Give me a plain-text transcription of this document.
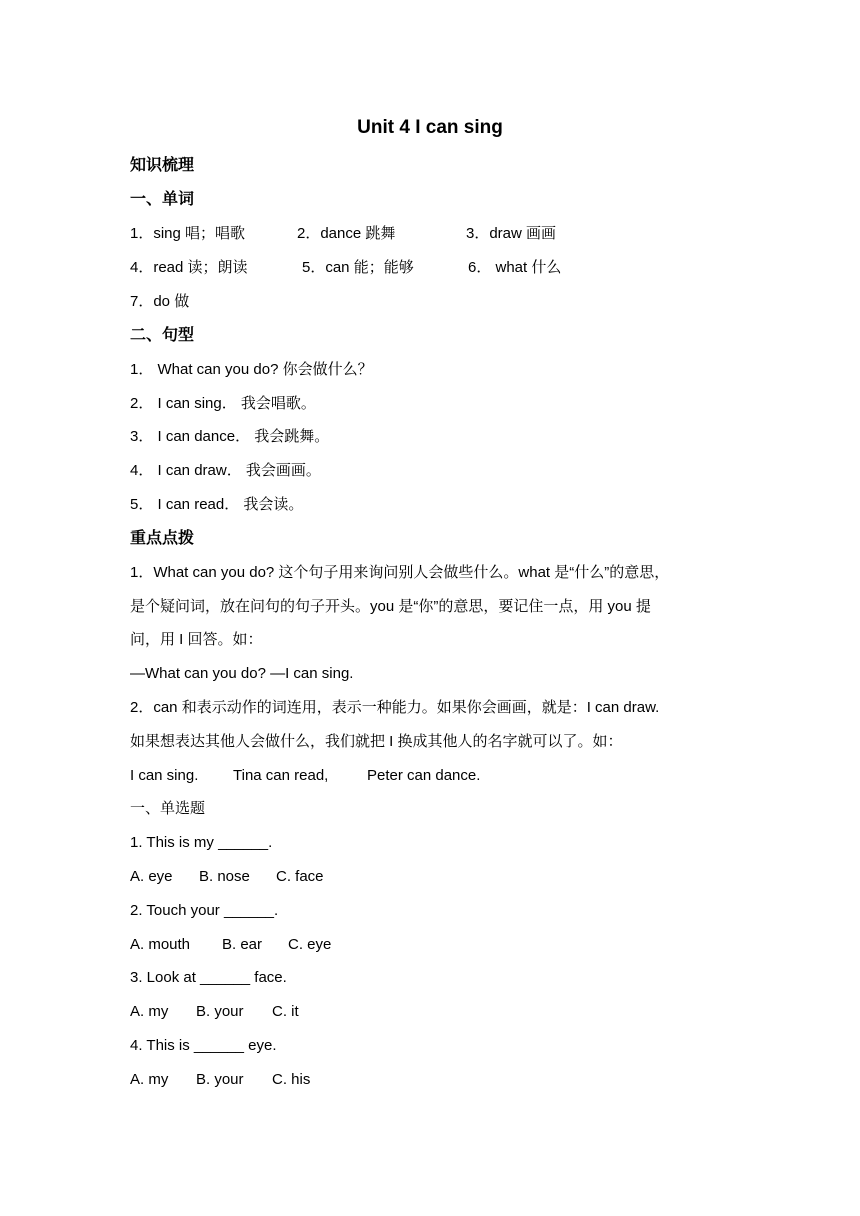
Unit 4 I can sing
知识梳理
一、单词
1．sing 唱；唱歌	2．dance 跳舞	3．draw 画画
4．read 读；朗读	5．can 能；能够	6． what 什么
7．do 做
二、句型
1． What can you do? 你会做什么？
2． I can sing． 我会唱歌。
3． I can dance． 我会跳舞。
4． I can draw． 我会画画。
5． I can read． 我会读。
重点点拨
1．What can you do? 这个句子用来询问别人会做些什么。what 是“什么”的意思，
是个疑问词，放在问句的句子开头。you 是“你”的意思，要记住一点，用 you 提
问，用 I 回答。如：
—What can you do? —I can sing.
2．can 和表示动作的词连用，表示一种能力。如果你会画画，就是：I can draw.
如果想表达其他人会做什么，我们就把 I 换成其他人的名字就可以了。如：
I can sing. Tina can read,	Peter can dance.
一、单选题
1. This is my ______.
A. eye B. nose C. face
2. Touch your ______.
A. mouth B. ear C. eye
3. Look at ______ face.
A. my B. your C. it
4. This is ______ eye.
A. my B. your C. his
